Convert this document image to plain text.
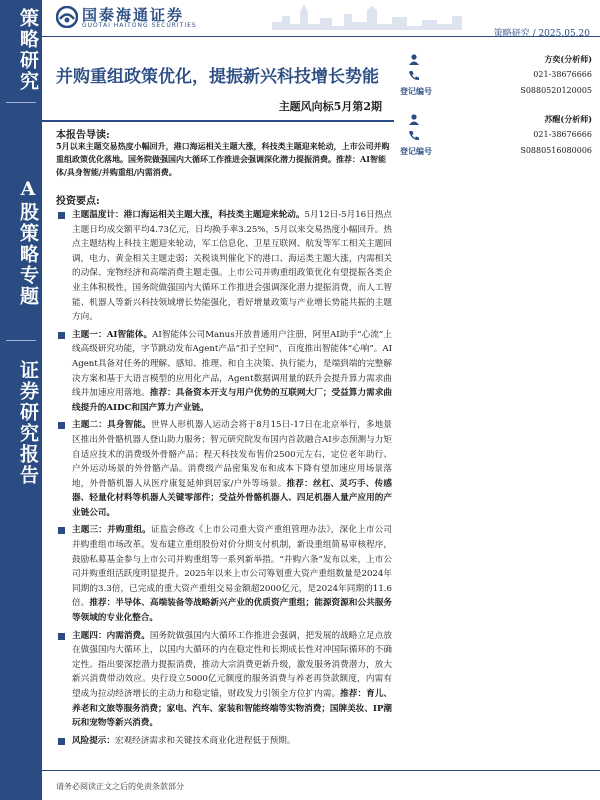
策略研究
A股策略专题
证券研究报告
国泰海通证券
GUOTAI HAITONG SECURITIES
策略研究 / 2025.05.20
并购重组政策优化，提振新兴科技增长势能
主题风向标5月第2期
方奕(分析师)
021-38676666
登记编号	S0880520120005
苏醒(分析师)
021-38676666
登记编号	S0880516080006
本报告导读:
5月以来主题交易热度小幅回升，港口海运相关主题大涨，科技类主题迎来轮动，上市公司并购重组政策优化落地。国务院做强国内大循环工作推进会强调深化潜力提振消费。推荐：AI智能体/具身智能/并购重组/内需消费。
投资要点:
主题温度计：港口海运相关主题大涨，科技类主题迎来轮动。5月12日-5月16日热点主题日均成交额平均4.73亿元，日均换手率3.25%，5月以来交易热度小幅回升。热点主题结构上科技主题迎来轮动，军工信息化、卫星互联网、航发等军工相关主题回调，电力、黄金相关主题走弱；关税谈判催化下的港口、海运类主题大涨，内需相关的动保、宠物经济和高端消费主题走强。上市公司并购重组政策优化有望提振各类企业主体积极性，国务院做强国内大循环工作推进会强调深化潜力提振消费，而人工智能、机器人等新兴科技领域增长势能强化，看好增量政策与产业增长势能共振的主题方向。
主题一：AI智能体。AI智能体公司Manus开放普通用户注册，阿里AI助手“心流”上线高级研究功能，字节跳动发布Agent产品“扣子空间”，百度推出智能体“心响”。AI Agent具备对任务的理解、感知、推理、和自主决策、执行能力，是端到端的完整解决方案和基于大语言模型的应用化产品，Agent数据调用量的跃升会提升算力需求曲线并加速应用落地。推荐：具备资本开支与用户优势的互联网大厂；受益算力需求曲线提升的AIDC和国产算力产业链。
主题二：具身智能。世界人形机器人运动会将于8月15日-17日在北京举行，多地景区推出外骨骼机器人登山助力服务；智元研究院发布国内首款融合AI步态预测与力矩自适应技术的消费级外骨骼产品；程天科技发布售价2500元左右，定位老年助行、户外运动场景的外骨骼产品。消费级产品密集发布和成本下降有望加速应用场景落地，外骨骼机器人从医疗康复延伸到居家/户外等场景。推荐：丝杠、灵巧手、传感器、轻量化材料等机器人关键零部件；受益外骨骼机器人、四足机器人量产应用的产业链公司。
主题三：并购重组。证监会修改《上市公司重大资产重组管理办法》，深化上市公司并购重组市场改革。发布建立重组股份对价分期支付机制，新设重组简易审核程序，鼓励私募基金参与上市公司并购重组等一系列新举措。“并购六条”发布以来，上市公司并购重组活跃度明显提升。2025年以来上市公司筹划重大资产重组数量是2024年同期的3.3倍，已完成的重大资产重组交易金额超2000亿元，是2024年同期的11.6倍。推荐：半导体、高端装备等战略新兴产业的优质资产重组；能源资源和公共服务等领域的专业化整合。
主题四：内需消费。国务院做强国内大循环工作推进会强调，把发展的战略立足点放在做强国内大循环上，以国内大循环的内在稳定性和长期成长性对冲国际循环的不确定性。指出要深挖潜力提振消费，推动大宗消费更新升级，激发服务消费潜力，放大新兴消费带动效应。央行设立5000亿元额度的服务消费与养老再贷款额度，内需有望成为拉动经济增长的主动力和稳定锚，财政发力引领全方位扩内需。推荐：育儿、养老和文旅等服务消费；家电、汽车、家装和智能终端等实物消费；国牌美妆、IP潮玩和宠物等新兴消费。
风险提示：宏观经济需求和关键技术商业化进程低于预期。
请务必阅读正文之后的免责条款部分
